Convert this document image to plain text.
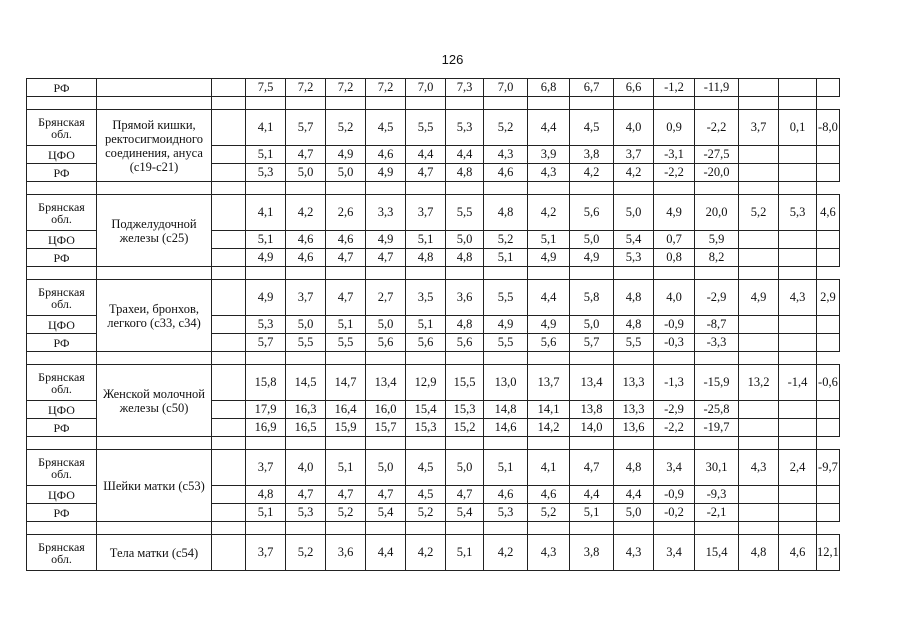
126
РФ			7,5	7,2	7,2	7,2	7,0	7,3	7,0	6,8	6,7	6,6	-1,2	-11,9			

Брянская обл.	Прямой кишки, ректосигмоидного соединения, ануса (с19-с21)		4,1	5,7	5,2	4,5	5,5	5,3	5,2	4,4	4,5	4,0	0,9	-2,2	3,7	0,1	-8,0
ЦФО			5,1	4,7	4,9	4,6	4,4	4,4	4,3	3,9	3,8	3,7	-3,1	-27,5			
РФ			5,3	5,0	5,0	4,9	4,7	4,8	4,6	4,3	4,2	4,2	-2,2	-20,0			

Брянская обл.	Поджелудочной железы (с25)		4,1	4,2	2,6	3,3	3,7	5,5	4,8	4,2	5,6	5,0	4,9	20,0	5,2	5,3	4,6
ЦФО			5,1	4,6	4,6	4,9	5,1	5,0	5,2	5,1	5,0	5,4	0,7	5,9			
РФ			4,9	4,6	4,7	4,7	4,8	4,8	5,1	4,9	4,9	5,3	0,8	8,2			

Брянская обл.	Трахеи, бронхов, легкого (с33, с34)		4,9	3,7	4,7	2,7	3,5	3,6	5,5	4,4	5,8	4,8	4,0	-2,9	4,9	4,3	2,9
ЦФО			5,3	5,0	5,1	5,0	5,1	4,8	4,9	4,9	5,0	4,8	-0,9	-8,7			
РФ			5,7	5,5	5,5	5,6	5,6	5,6	5,5	5,6	5,7	5,5	-0,3	-3,3			

Брянская обл.	Женской молочной железы (с50)		15,8	14,5	14,7	13,4	12,9	15,5	13,0	13,7	13,4	13,3	-1,3	-15,9	13,2	-1,4	-0,6
ЦФО			17,9	16,3	16,4	16,0	15,4	15,3	14,8	14,1	13,8	13,3	-2,9	-25,8			
РФ			16,9	16,5	15,9	15,7	15,3	15,2	14,6	14,2	14,0	13,6	-2,2	-19,7			

Брянская обл.	Шейки матки (с53)		3,7	4,0	5,1	5,0	4,5	5,0	5,1	4,1	4,7	4,8	3,4	30,1	4,3	2,4	-9,7
ЦФО			4,8	4,7	4,7	4,7	4,5	4,7	4,6	4,6	4,4	4,4	-0,9	-9,3			
РФ			5,1	5,3	5,2	5,4	5,2	5,4	5,3	5,2	5,1	5,0	-0,2	-2,1			

Брянская обл.	Тела матки (с54)		3,7	5,2	3,6	4,4	4,2	5,1	4,2	4,3	3,8	4,3	3,4	15,4	4,8	4,6	12,1
